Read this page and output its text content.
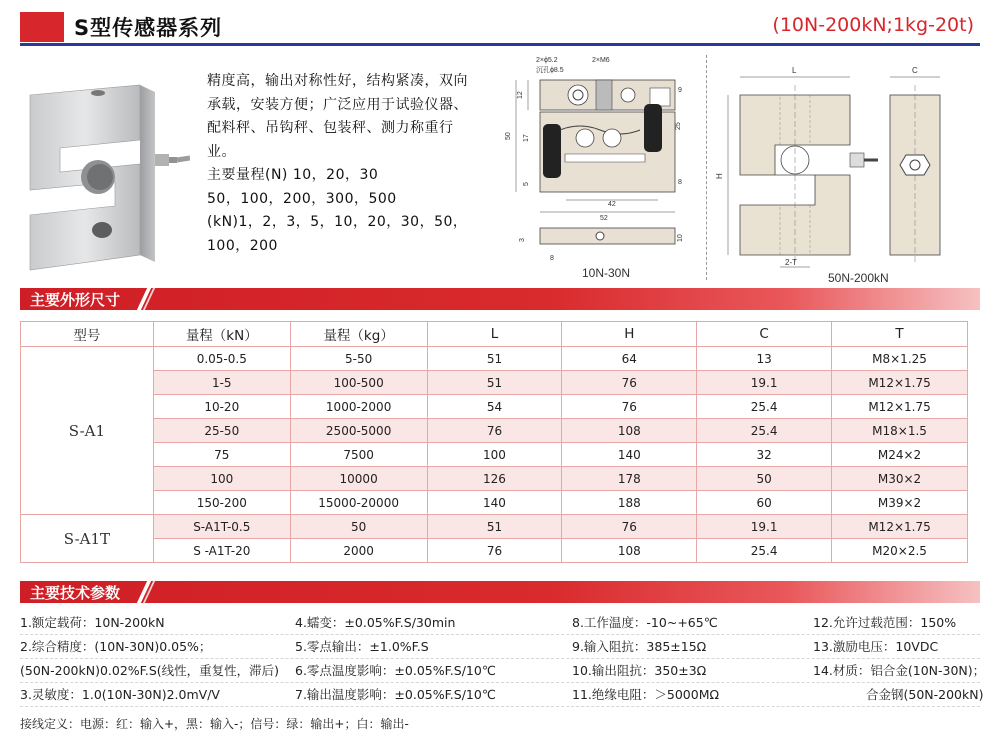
S型传感器系列	(10N-200kN;1kg-20t)

精度高，输出对称性好，结构紧凑，双向

承载，安装方便；广泛应用于试验仪器、

配料秤、吊钩秤、包装秤、测力称重行

业。

主要量程(N) 10，20，30

50，100，200，300，500

(kN)1，2，3，5，10，20，30，50，

100，200

2×ϕ5.2	2×M6
沉孔ϕ8.5
12
9
50
25
17
5	8
42
52
3	10
8
10N-30N
L
H
C
2-T
50N-200kN
主要外形尺寸
型号	量程（kN）	量程（kg）	L	H	C	T
S-A1	0.05-0.5	5-50	51	64	13	M8×1.25
	1-5	100-500	51	76	19.1	M12×1.75
	10-20	1000-2000	54	76	25.4	M12×1.75
	25-50	2500-5000	76	108	25.4	M18×1.5
	75	7500	100	140	32	M24×2
	100	10000	126	178	50	M30×2
	150-200	15000-20000	140	188	60	M39×2
S-A1T	S-A1T-0.5	50	51	76	19.1	M12×1.75
	S -A1T-20	2000	76	108	25.4	M20×2.5
主要技术参数
1.额定载荷：10N-200kN	4.蠕变：±0.05%F.S/30min	8.工作温度：-10~+65℃	12.允许过载范围：150%
2.综合精度：(10N-30N)0.05%；	5.零点输出：±1.0%F.S	9.输入阻抗：385±15Ω	13.激励电压：10VDC
(50N-200kN)0.02%F.S(线性，重复性，滞后) 6.零点温度影响：±0.05%F.S/10℃	10.输出阻抗：350±3Ω	14.材质：铝合金(10N-30N)；
3.灵敏度：1.0(10N-30N)2.0mV/V	7.输出温度影响：±0.05%F.S/10℃	11.绝缘电阻：＞5000MΩ	合金钢(50N-200kN)
接线定义：电源：红：输入+，黑：输入-；信号：绿：输出+；白：输出-
